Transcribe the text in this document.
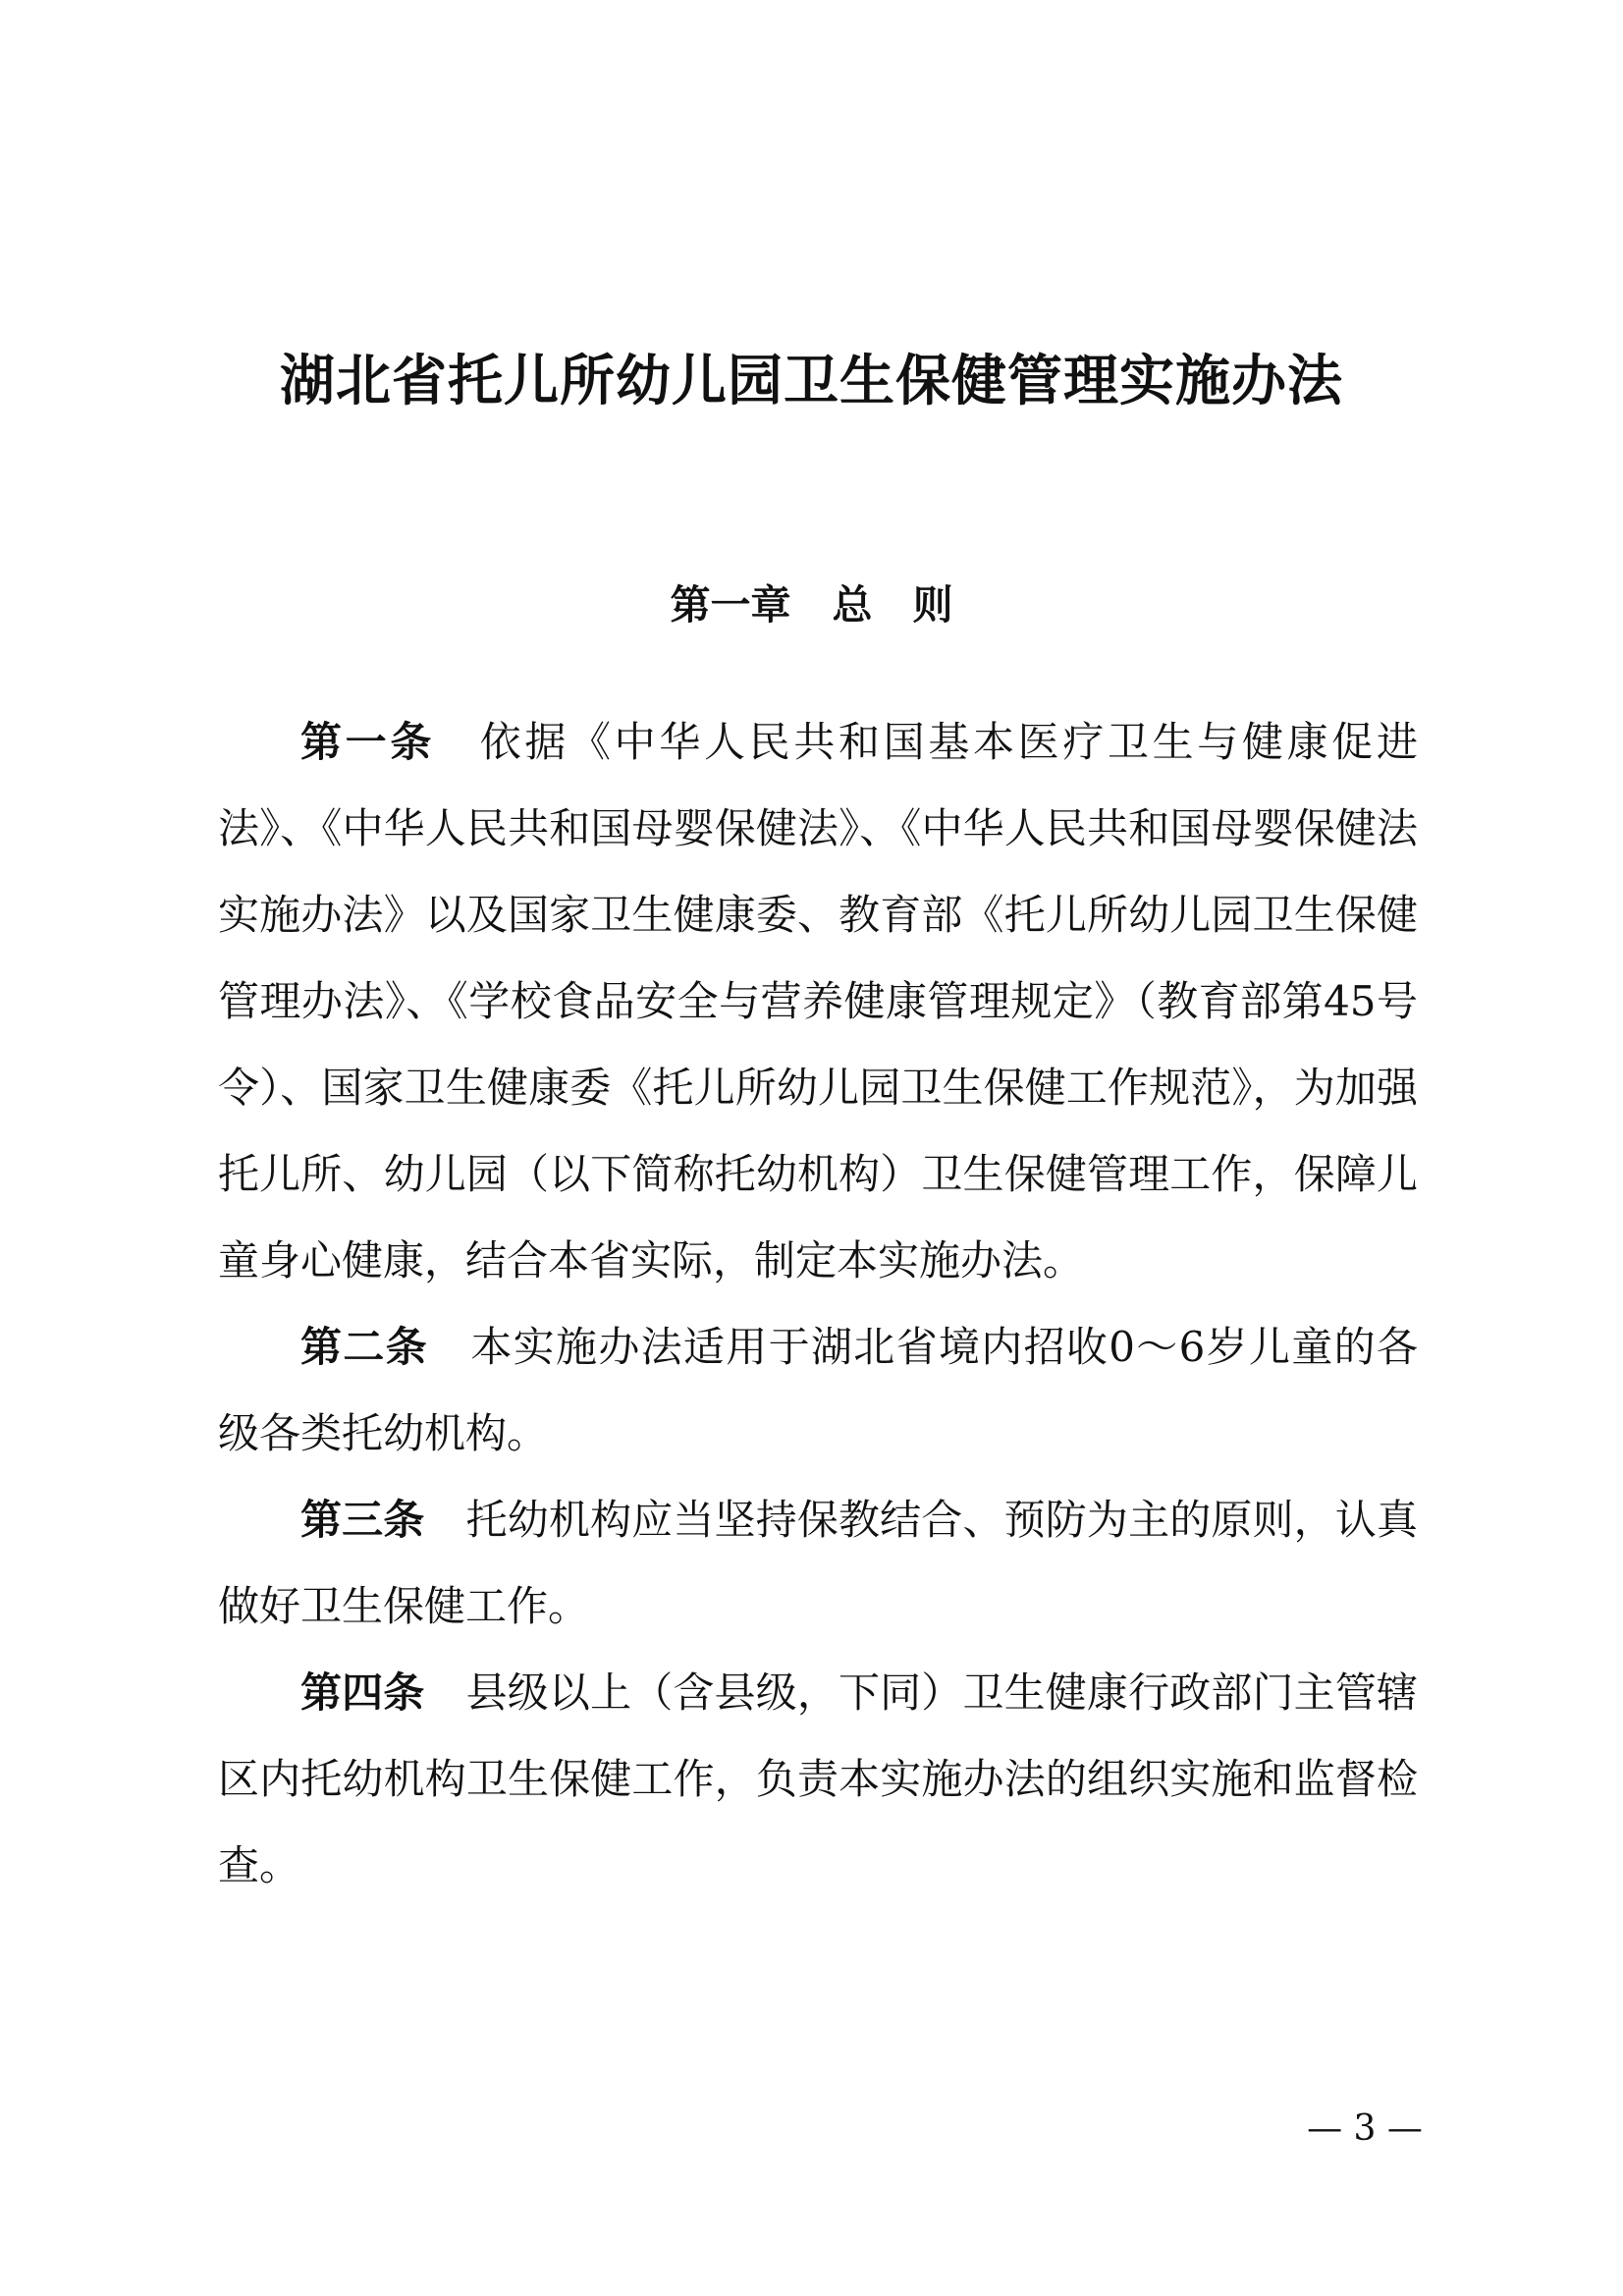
湖北省托儿所幼儿园卫生保健管理实施办法
第一章 总　则

第一条 依据《中华人民共和国基本医疗卫生与健康促进法》、《中华人民共和国母婴保健法》、《中华人民共和国母婴保健法实施办法》以及国家卫生健康委、教育部《托儿所幼儿园卫生保健管理办法》、《学校食品安全与营养健康管理规定》（教育部第45号令）、国家卫生健康委《托儿所幼儿园卫生保健工作规范》，为加强托儿所、幼儿园（以下简称托幼机构）卫生保健管理工作，保障儿童身心健康，结合本省实际，制定本实施办法。

第二条 本实施办法适用于湖北省境内招收0～6岁儿童的各级各类托幼机构。

第三条 托幼机构应当坚持保教结合、预防为主的原则，认真做好卫生保健工作。

第四条 县级以上（含县级，下同）卫生健康行政部门主管辖区内托幼机构卫生保健工作，负责本实施办法的组织实施和监督检查。

— 3 —
